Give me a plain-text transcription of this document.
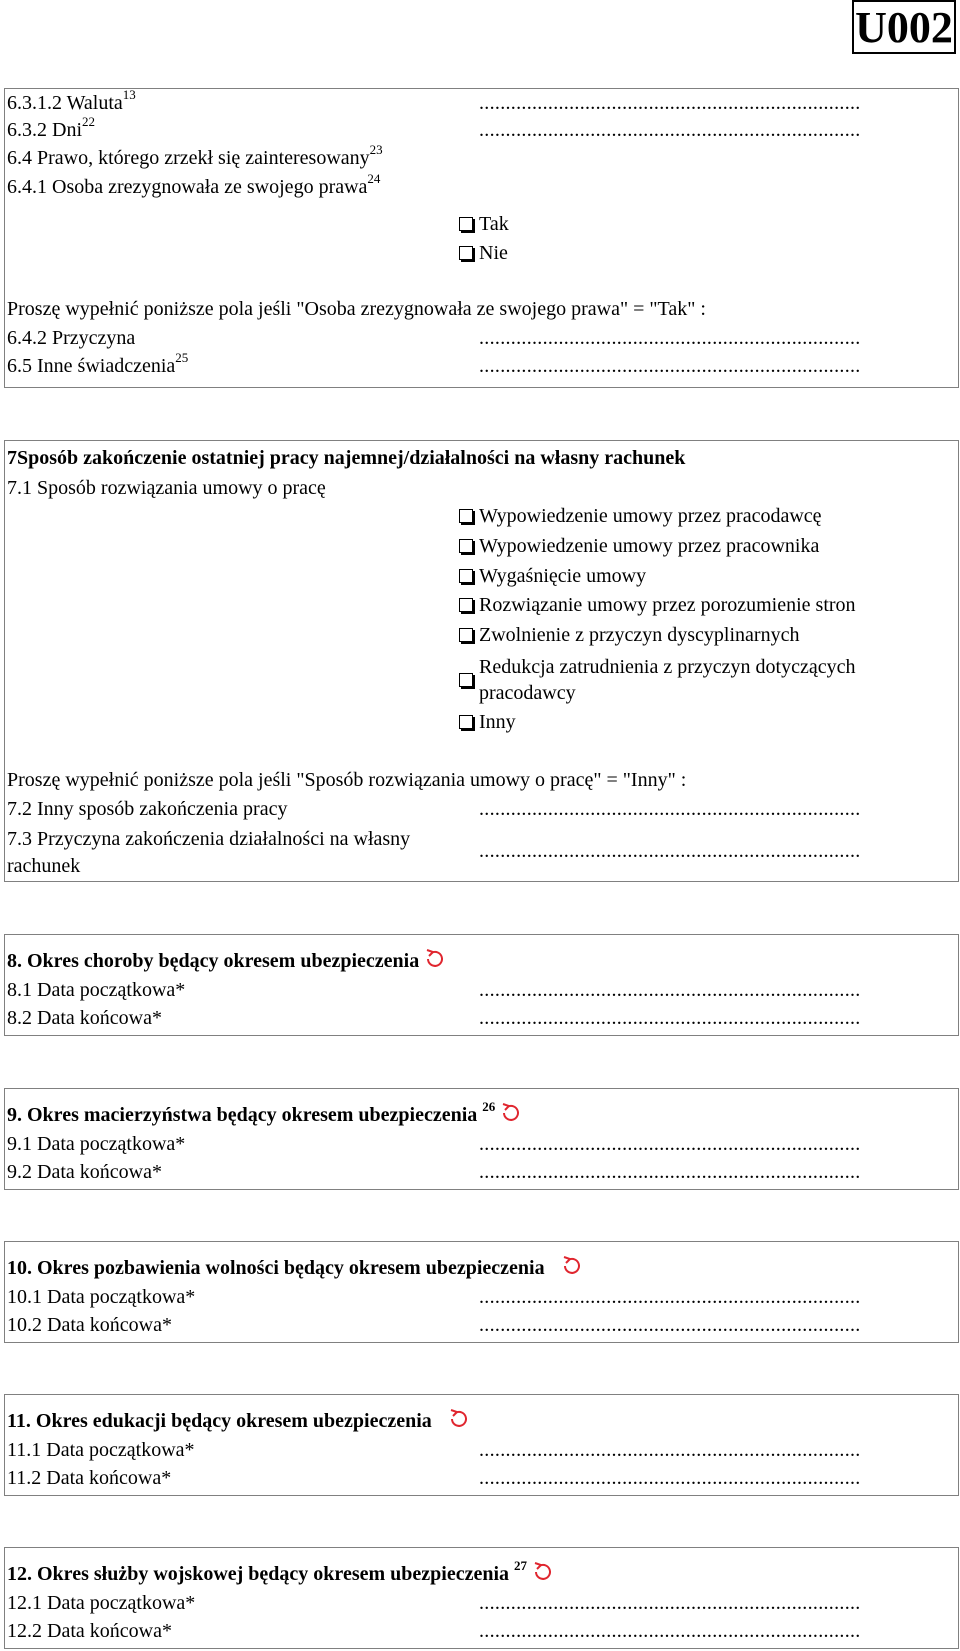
U002
6.3.1.2 Waluta$^{13}$	........................................................................
6.3.2 Dni$^{22}$	........................................................................
6.4 Prawo, którego zrzekł się zainteresowany$^{23}$
6.4.1 Osoba zrezygnowała ze swojego prawa$^{24}$
Tak
Nie
Proszę wypełnić poniższe pola jeśli "Osoba zrezygnowała ze swojego prawa" = "Tak" :
6.4.2 Przyczyna	........................................................................
6.5 Inne świadczenia$^{25}$	........................................................................
7Sposób zakończenie ostatniej pracy najemnej/działalności na własny rachunek
7.1 Sposób rozwiązania umowy o pracę
Wypowiedzenie umowy przez pracodawcę
Wypowiedzenie umowy przez pracownika
Wygaśnięcie umowy
Rozwiązanie umowy przez porozumienie stron
Zwolnienie z przyczyn dyscyplinarnych
Redukcja zatrudnienia z przyczyn dotyczących pracodawcy
Inny
Proszę wypełnić poniższe pola jeśli "Sposób rozwiązania umowy o pracę" = "Inny" :
7.2 Inny sposób zakończenia pracy	........................................................................
7.3 Przyczyna zakończenia działalności na własny rachunek
........................................................................
8. Okres choroby będący okresem ubezpieczenia
8.1 Data początkowa*	........................................................................
8.2 Data końcowa*	........................................................................
9. Okres macierzyństwa będący okresem ubezpieczenia $^{26}$
9.1 Data początkowa*	........................................................................
9.2 Data końcowa*	........................................................................
10. Okres pozbawienia wolności będący okresem ubezpieczenia
10.1 Data początkowa*	........................................................................
10.2 Data końcowa*	........................................................................
11. Okres edukacji będący okresem ubezpieczenia
11.1 Data początkowa*	........................................................................
11.2 Data końcowa*	........................................................................
12. Okres służby wojskowej będący okresem ubezpieczenia $^{27}$
12.1 Data początkowa*	........................................................................
12.2 Data końcowa*	........................................................................
